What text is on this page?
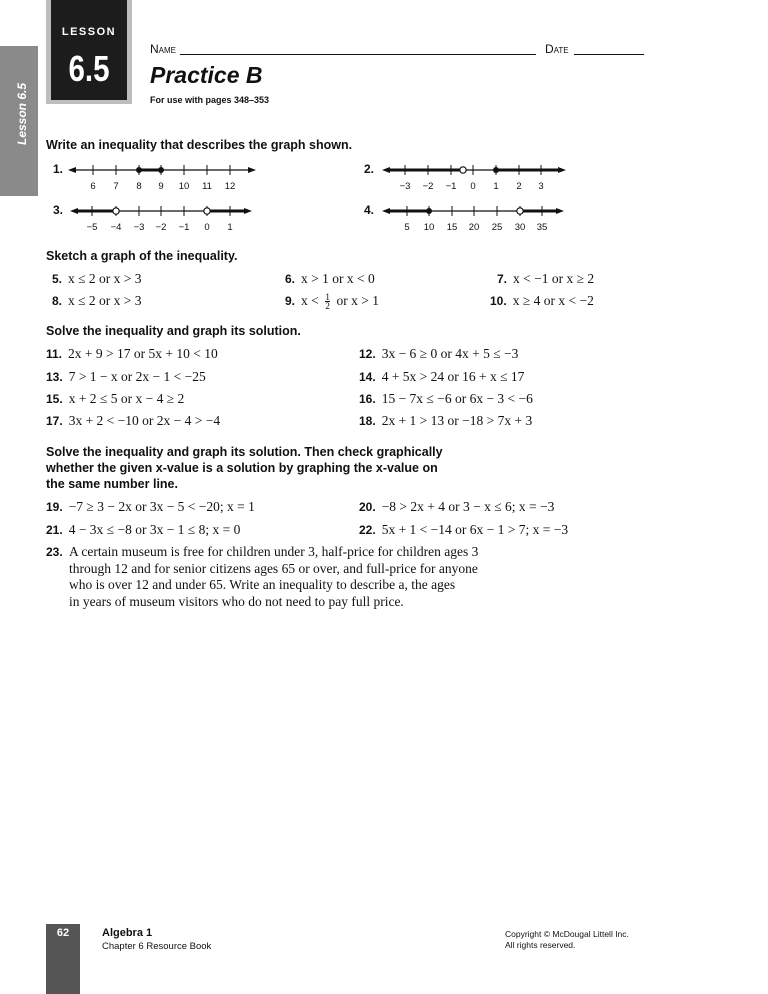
Lesson 6.5
LESSON
6.5	Name	Date
Practice B
For use with pages 348–353
Write an inequality that describes the graph shown.
1.	2.
3.	4.
6 7 8 9 10 11 12	−3 −2 −1 0 1 2 3
−5 −4 −3 −2 −1 0 1	5 10 15 20 25 30 35
Sketch a graph of the inequality.
5. x ≤ 2 or x > 3	6. x > 1 or x < 0	7. x < −1 or x ≥ 2
8. x ≤ 2 or x > 3	9. $x < \frac{1}{2}$ or x > 1	10. x ≥ 4 or x < −2
Solve the inequality and graph its solution.
11. 2x + 9 > 17 or 5x + 10 < 10	12. 3x − 6 ≥ 0 or 4x + 5 ≤ −3
13. 7 > 1 − x or 2x − 1 < −25	14. 4 + 5x > 24 or 16 + x ≤ 17
15. x + 2 ≤ 5 or x − 4 ≥ 2	16. 15 − 7x ≤ −6 or 6x − 3 < −6
17. 3x + 2 < −10 or 2x − 4 > −4	18. 2x + 1 > 13 or −18 > 7x + 3
Solve the inequality and graph its solution. Then check graphically
whether the given x-value is a solution by graphing the x-value on
the same number line.
19. −7 ≥ 3 − 2x or 3x − 5 < −20; x = 1	20. −8 > 2x + 4 or 3 − x ≤ 6; x = −3
21. 4 − 3x ≤ −8 or 3x − 1 ≤ 8; x = 0	22. 5x + 1 < −14 or 6x − 1 > 7; x = −3
23. A certain museum is free for children under 3, half-price for children ages 3
through 12 and for senior citizens ages 65 or over, and full-price for anyone
who is over 12 and under 65. Write an inequality to describe a, the ages
in years of museum visitors who do not need to pay full price.
62	Algebra 1
Chapter 6 Resource Book
Copyright © McDougal Littell Inc.
All rights reserved.
